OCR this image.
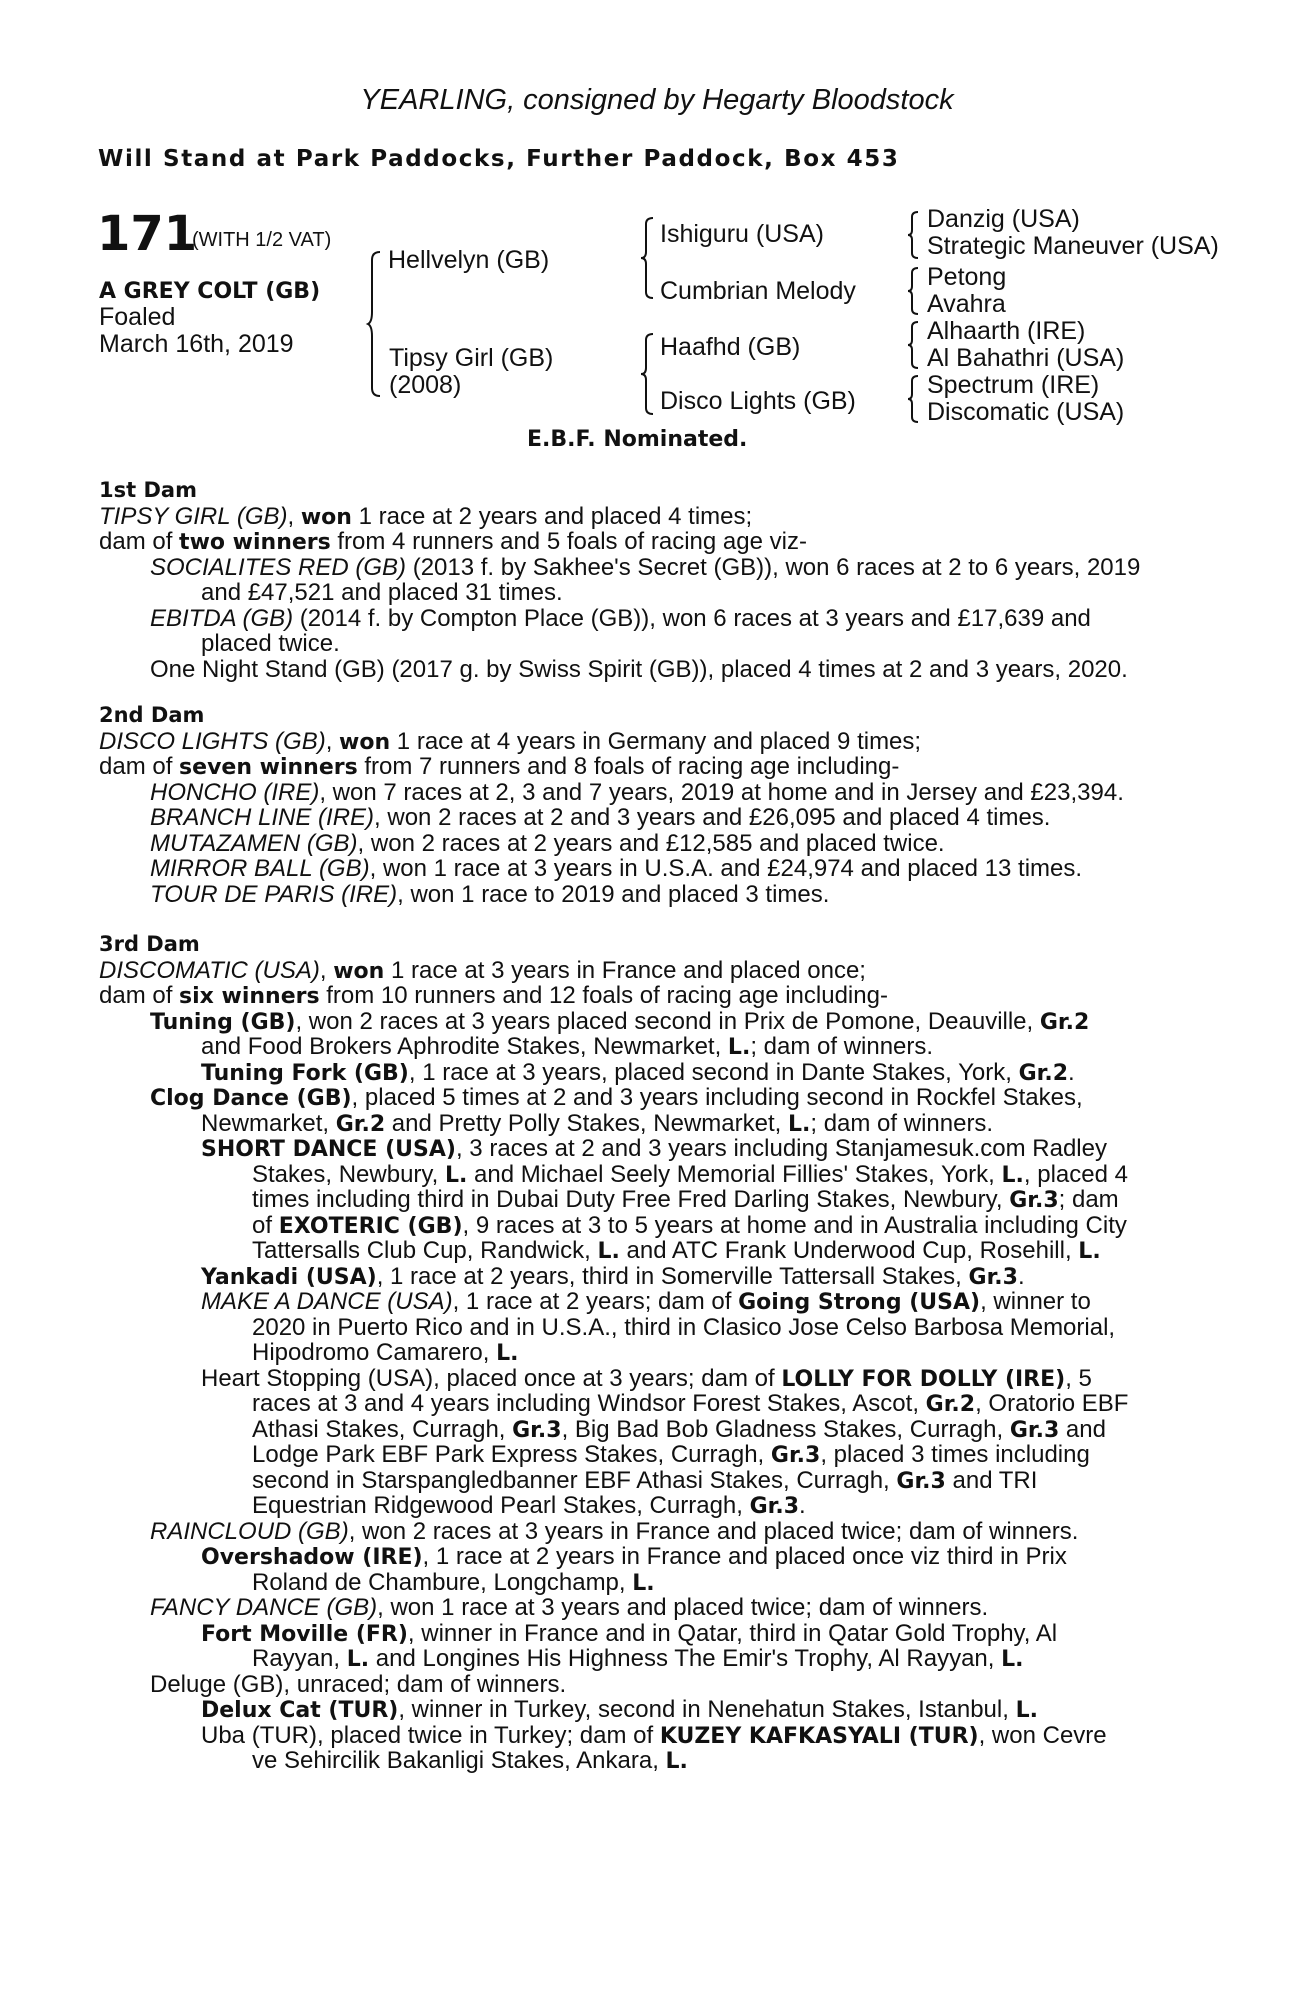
YEARLING, consigned by Hegarty Bloodstock
Will Stand at Park Paddocks, Further Paddock, Box 453
171
(WITH 1/2 VAT)
A GREY COLT (GB)
Foaled
March 16th, 2019
Hellvelyn (GB)
Tipsy Girl (GB)
(2008)
Ishiguru (USA)
Cumbrian Melody
Haafhd (GB)
Disco Lights (GB)
Danzig (USA)
Strategic Maneuver (USA)
Petong
Avahra
Alhaarth (IRE)
Al Bahathri (USA)
Spectrum (IRE)
Discomatic (USA)
E.B.F. Nominated.
1st Dam
TIPSY GIRL (GB), won 1 race at 2 years and placed 4 times;
dam of two winners from 4 runners and 5 foals of racing age viz-
SOCIALITES RED (GB) (2013 f. by Sakhee's Secret (GB)), won 6 races at 2 to 6 years, 2019
and £47,521 and placed 31 times.
EBITDA (GB) (2014 f. by Compton Place (GB)), won 6 races at 3 years and £17,639 and
placed twice.
One Night Stand (GB) (2017 g. by Swiss Spirit (GB)), placed 4 times at 2 and 3 years, 2020.
2nd Dam
DISCO LIGHTS (GB), won 1 race at 4 years in Germany and placed 9 times;
dam of seven winners from 7 runners and 8 foals of racing age including-
HONCHO (IRE), won 7 races at 2, 3 and 7 years, 2019 at home and in Jersey and £23,394.
BRANCH LINE (IRE), won 2 races at 2 and 3 years and £26,095 and placed 4 times.
MUTAZAMEN (GB), won 2 races at 2 years and £12,585 and placed twice.
MIRROR BALL (GB), won 1 race at 3 years in U.S.A. and £24,974 and placed 13 times.
TOUR DE PARIS (IRE), won 1 race to 2019 and placed 3 times.
3rd Dam
DISCOMATIC (USA), won 1 race at 3 years in France and placed once;
dam of six winners from 10 runners and 12 foals of racing age including-
Tuning (GB), won 2 races at 3 years placed second in Prix de Pomone, Deauville, Gr.2
and Food Brokers Aphrodite Stakes, Newmarket, L.; dam of winners.
Tuning Fork (GB), 1 race at 3 years, placed second in Dante Stakes, York, Gr.2.
Clog Dance (GB), placed 5 times at 2 and 3 years including second in Rockfel Stakes,
Newmarket, Gr.2 and Pretty Polly Stakes, Newmarket, L.; dam of winners.
SHORT DANCE (USA), 3 races at 2 and 3 years including Stanjamesuk.com Radley
Stakes, Newbury, L. and Michael Seely Memorial Fillies' Stakes, York, L., placed 4
times including third in Dubai Duty Free Fred Darling Stakes, Newbury, Gr.3; dam
of EXOTERIC (GB), 9 races at 3 to 5 years at home and in Australia including City
Tattersalls Club Cup, Randwick, L. and ATC Frank Underwood Cup, Rosehill, L.
Yankadi (USA), 1 race at 2 years, third in Somerville Tattersall Stakes, Gr.3.
MAKE A DANCE (USA), 1 race at 2 years; dam of Going Strong (USA), winner to
2020 in Puerto Rico and in U.S.A., third in Clasico Jose Celso Barbosa Memorial,
Hipodromo Camarero, L.
Heart Stopping (USA), placed once at 3 years; dam of LOLLY FOR DOLLY (IRE), 5
races at 3 and 4 years including Windsor Forest Stakes, Ascot, Gr.2, Oratorio EBF
Athasi Stakes, Curragh, Gr.3, Big Bad Bob Gladness Stakes, Curragh, Gr.3 and
Lodge Park EBF Park Express Stakes, Curragh, Gr.3, placed 3 times including
second in Starspangledbanner EBF Athasi Stakes, Curragh, Gr.3 and TRI
Equestrian Ridgewood Pearl Stakes, Curragh, Gr.3.
RAINCLOUD (GB), won 2 races at 3 years in France and placed twice; dam of winners.
Overshadow (IRE), 1 race at 2 years in France and placed once viz third in Prix
Roland de Chambure, Longchamp, L.
FANCY DANCE (GB), won 1 race at 3 years and placed twice; dam of winners.
Fort Moville (FR), winner in France and in Qatar, third in Qatar Gold Trophy, Al
Rayyan, L. and Longines His Highness The Emir's Trophy, Al Rayyan, L.
Deluge (GB), unraced; dam of winners.
Delux Cat (TUR), winner in Turkey, second in Nenehatun Stakes, Istanbul, L.
Uba (TUR), placed twice in Turkey; dam of KUZEY KAFKASYALI (TUR), won Cevre
ve Sehircilik Bakanligi Stakes, Ankara, L.
